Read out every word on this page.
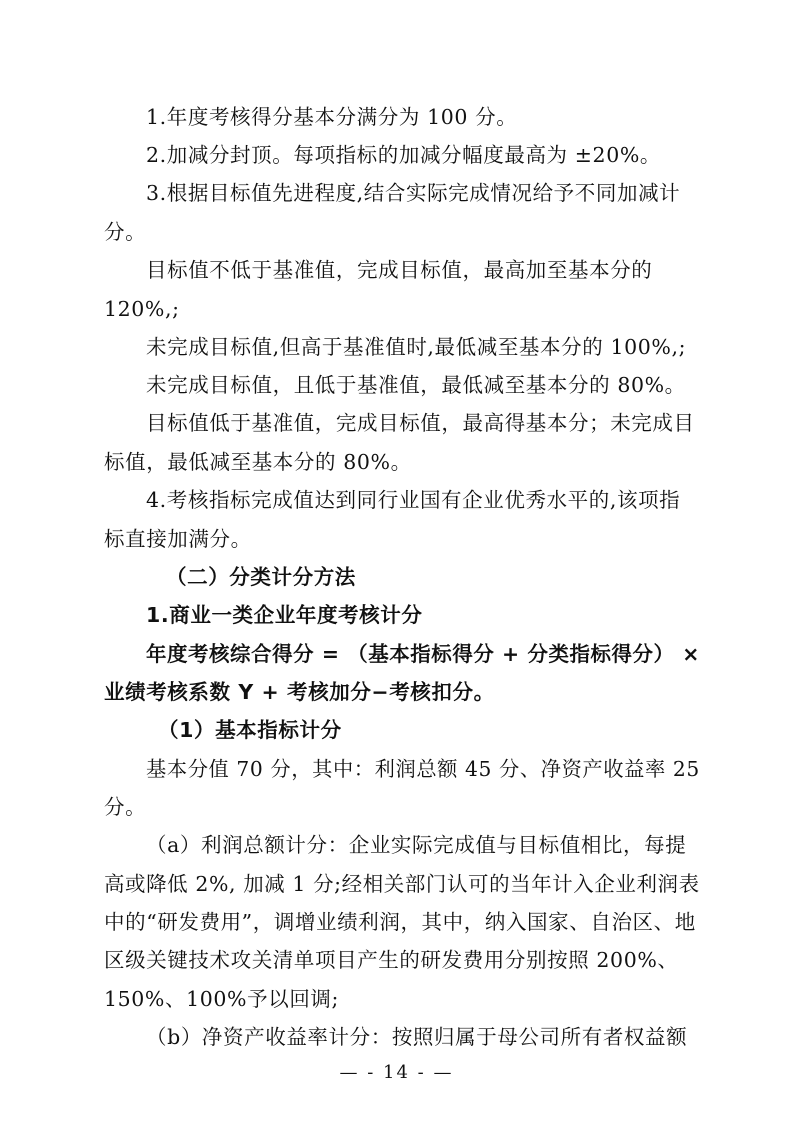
1.年度考核得分基本分满分为 100 分。
2.加减分封顶。每项指标的加减分幅度最高为 ±20%。
3.根据目标值先进程度,结合实际完成情况给予不同加减计
分。
目标值不低于基准值，完成目标值，最高加至基本分的
120%,;
未完成目标值,但高于基准值时,最低减至基本分的 100%,;
未完成目标值，且低于基准值，最低减至基本分的 80%。
目标值低于基准值，完成目标值，最高得基本分；未完成目
标值，最低减至基本分的 80%。
4.考核指标完成值达到同行业国有企业优秀水平的,该项指
标直接加满分。
（二）分类计分方法
1.商业一类企业年度考核计分
年度考核综合得分 = （基本指标得分 + 分类指标得分） ×
业绩考核系数 Y + 考核加分−考核扣分。
（1）基本指标计分
基本分值 70 分，其中：利润总额 45 分、净资产收益率 25
分。
（a）利润总额计分：企业实际完成值与目标值相比，每提
高或降低 2%, 加减 1 分;经相关部门认可的当年计入企业利润表
中的“研发费用”，调增业绩利润，其中，纳入国家、自治区、地
区级关键技术攻关清单项目产生的研发费用分别按照 200%、
150%、100%予以回调;
（b）净资产收益率计分：按照归属于母公司所有者权益额
— - 14 - —
